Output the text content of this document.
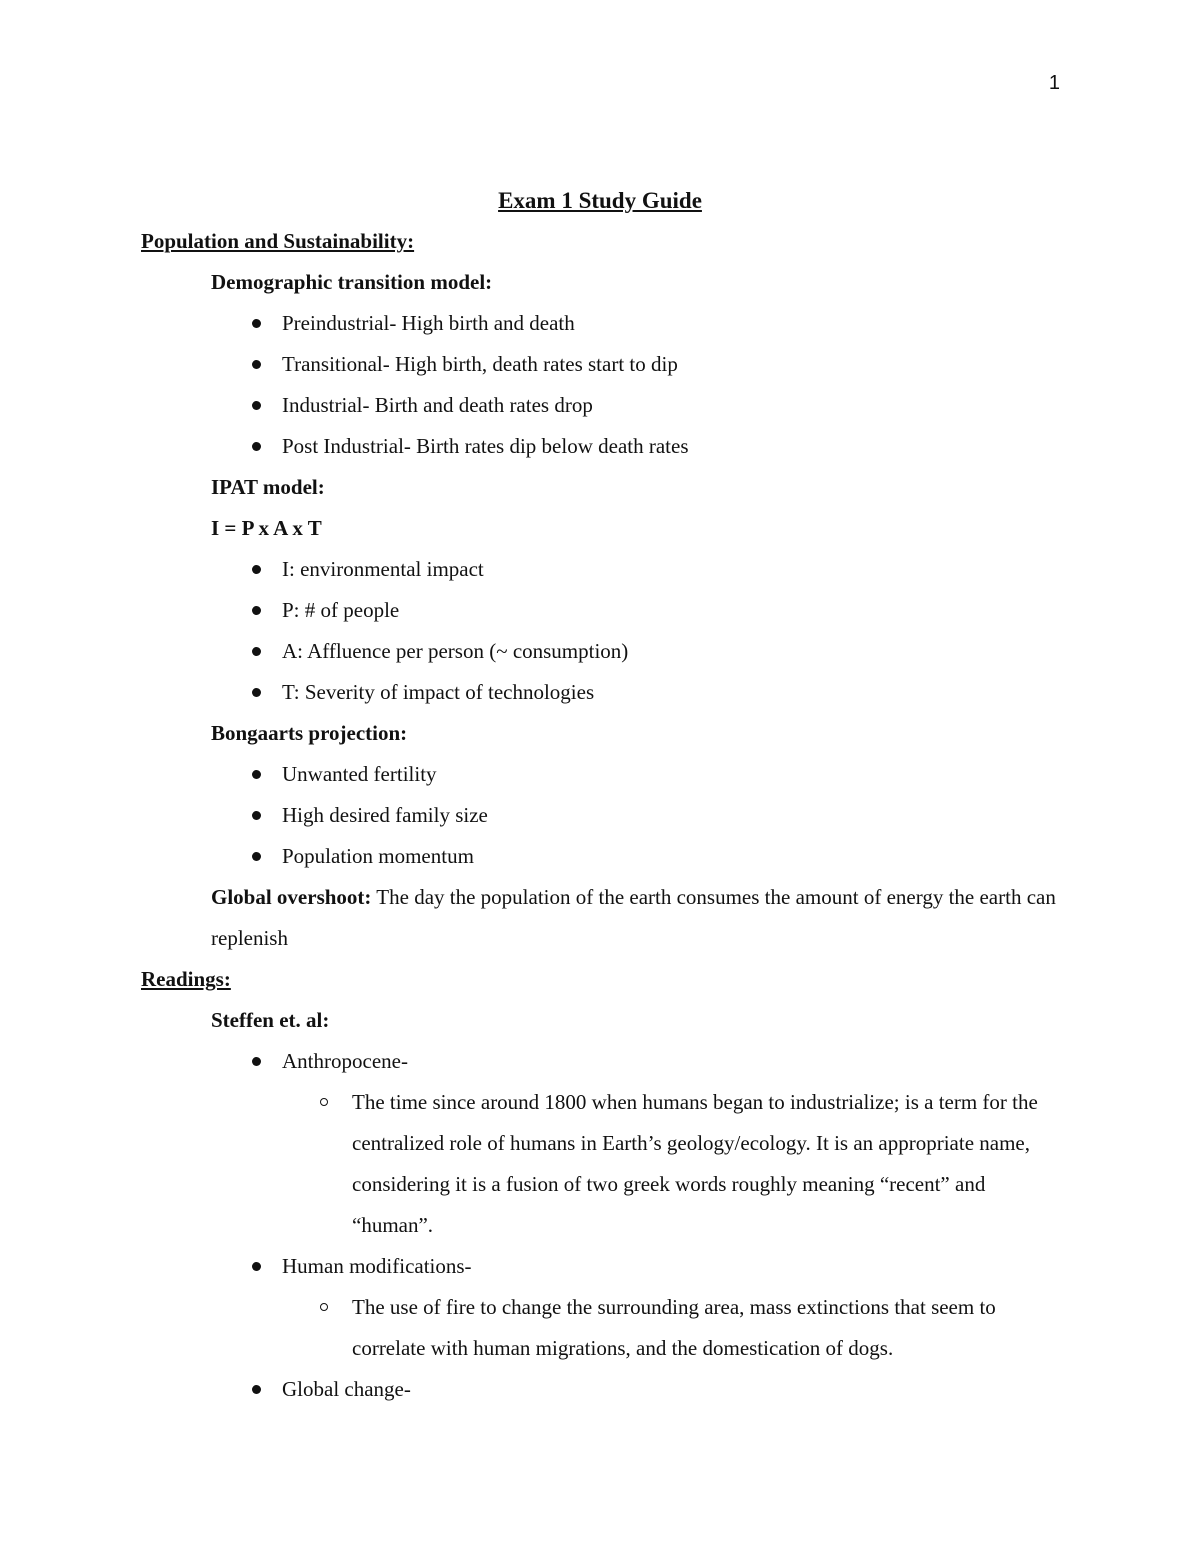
1
Exam 1 Study Guide
Population and Sustainability:
Demographic transition model:
Preindustrial- High birth and death
Transitional- High birth, death rates start to dip
Industrial- Birth and death rates drop
Post Industrial- Birth rates dip below death rates
IPAT model:
I = P x A x T
I: environmental impact
P: # of people
A: Affluence per person (~ consumption)
T: Severity of impact of technologies
Bongaarts projection:
Unwanted fertility
High desired family size
Population momentum
Global overshoot: The day the population of the earth consumes the amount of energy the earth can replenish
Readings:
Steffen et. al:
Anthropocene-
The time since around 1800 when humans began to industrialize; is a term for the centralized role of humans in Earth’s geology/ecology. It is an appropriate name, considering it is a fusion of two greek words roughly meaning “recent” and “human”.
Human modifications-
The use of fire to change the surrounding area, mass extinctions that seem to correlate with human migrations, and the domestication of dogs.
Global change-
